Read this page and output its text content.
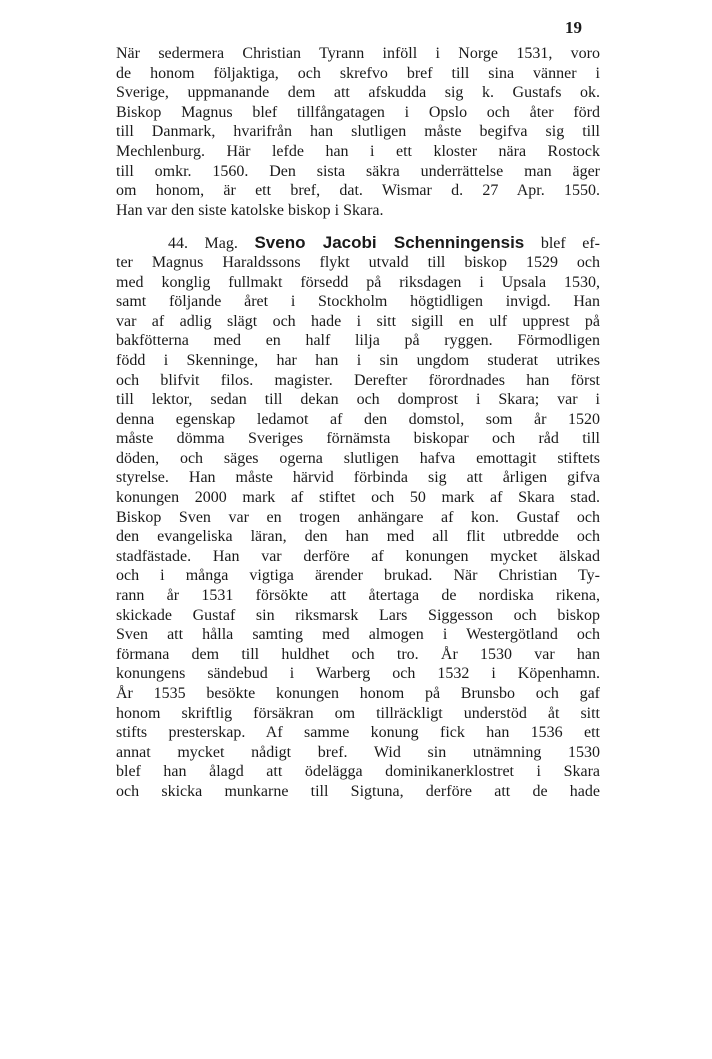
19
När sedermera Christian Tyrann inföll i Norge 1531, voro
de honom följaktiga, och skrefvo bref till sina vänner i
Sverige, uppmanande dem att afskudda sig k. Gustafs ok.
Biskop Magnus blef tillfångatagen i Opslo och åter förd
till Danmark, hvarifrån han slutligen måste begifva sig till
Mechlenburg. Här lefde han i ett kloster nära Rostock
till omkr. 1560. Den sista säkra underrättelse man äger
om honom, är ett bref, dat. Wismar d. 27 Apr. 1550.
Han var den siste katolske biskop i Skara.
44. Mag. Sveno Jacobi Schenningensis blef ef-
ter Magnus Haraldssons flykt utvald till biskop 1529 och
med konglig fullmakt försedd på riksdagen i Upsala 1530,
samt följande året i Stockholm högtidligen invigd. Han
var af adlig slägt och hade i sitt sigill en ulf upprest på
bakfötterna med en half lilja på ryggen. Förmodligen
född i Skenninge, har han i sin ungdom studerat utrikes
och blifvit filos. magister. Derefter förordnades han först
till lektor, sedan till dekan och domprost i Skara; var i
denna egenskap ledamot af den domstol, som år 1520
måste dömma Sveriges förnämsta biskopar och råd till
döden, och säges ogerna slutligen hafva emottagit stiftets
styrelse. Han måste härvid förbinda sig att årligen gifva
konungen 2000 mark af stiftet och 50 mark af Skara stad.
Biskop Sven var en trogen anhängare af kon. Gustaf och
den evangeliska läran, den han med all flit utbredde och
stadfästade. Han var derföre af konungen mycket älskad
och i många vigtiga ärender brukad. När Christian Ty-
rann år 1531 försökte att återtaga de nordiska rikena,
skickade Gustaf sin riksmarsk Lars Siggesson och biskop
Sven att hålla samting med almogen i Westergötland och
förmana dem till huldhet och tro. År 1530 var han
konungens sändebud i Warberg och 1532 i Köpenhamn.
År 1535 besökte konungen honom på Brunsbo och gaf
honom skriftlig försäkran om tillräckligt understöd åt sitt
stifts presterskap. Af samme konung fick han 1536 ett
annat mycket nådigt bref. Wid sin utnämning 1530
blef han ålagd att ödelägga dominikanerklostret i Skara
och skicka munkarne till Sigtuna, derföre att de hade
